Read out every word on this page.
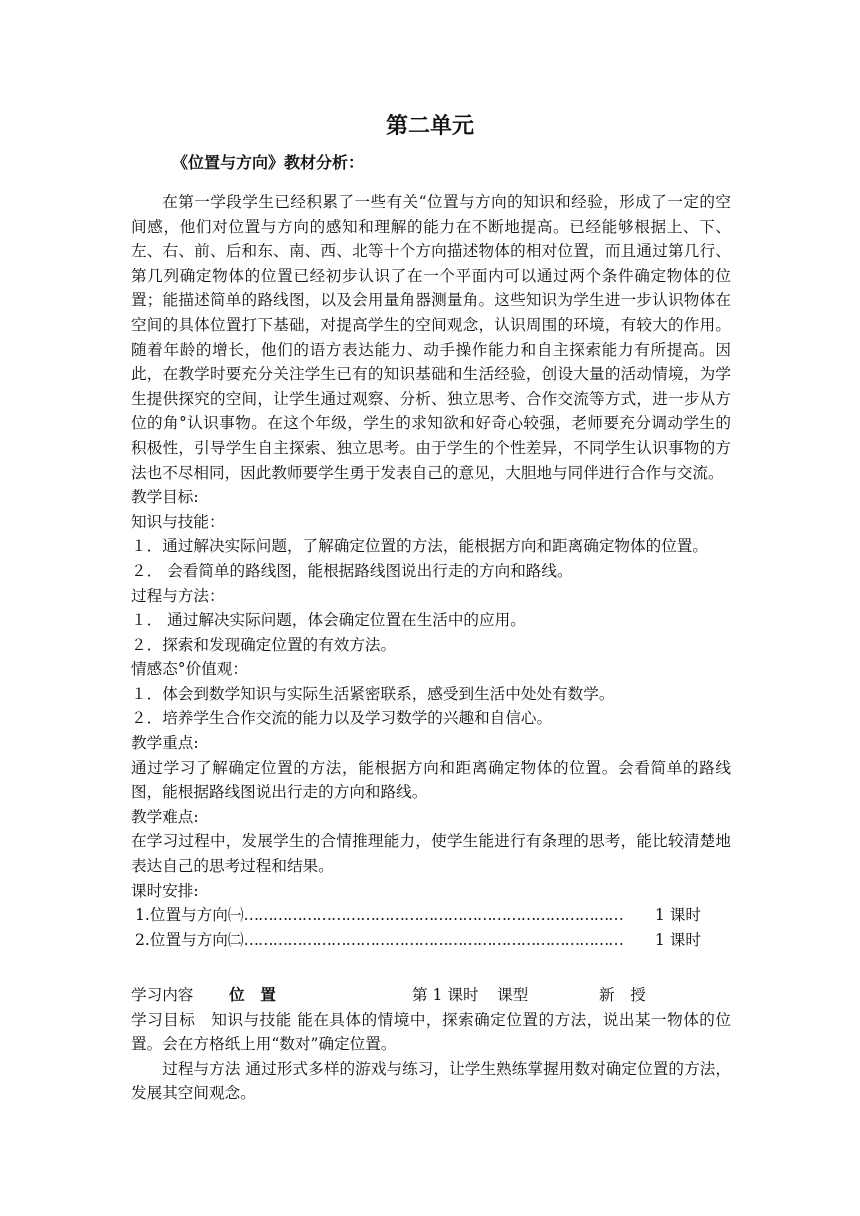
第二单元
《位置与方向》教材分析：

在第一学段学生已经积累了一些有关“位置与方向的知识和经验，形成了一定的空间感，他们对位置与方向的感知和理解的能力在不断地提高。已经能够根据上、下、左、右、前、后和东、南、西、北等十个方向描述物体的相对位置，而且通过第几行、第几列确定物体的位置已经初步认识了在一个平面内可以通过两个条件确定物体的位置；能描述简单的路线图，以及会用量角器测量角。这些知识为学生进一步认识物体在空间的具体位置打下基础，对提高学生的空间观念，认识周围的环境，有较大的作用。随着年龄的增长，他们的语方表达能力、动手操作能力和自主探索能力有所提高。因此，在教学时要充分关注学生已有的知识基础和生活经验，创设大量的活动情境，为学生提供探究的空间，让学生通过观察、分析、独立思考、合作交流等方式，进一步从方位的角°认识事物。在这个年级，学生的求知欲和好奇心较强，老师要充分调动学生的积极性，引导学生自主探索、独立思考。由于学生的个性差异，不同学生认识事物的方法也不尽相同，因此教师要学生勇于发表自己的意见，大胆地与同伴进行合作与交流。

教学目标:

知识与技能：

１．通过解决实际问题，了解确定位置的方法，能根据方向和距离确定物体的位置。

２． 会看简单的路线图，能根据路线图说出行走的方向和路线。

过程与方法：

１． 通过解决实际问题，体会确定位置在生活中的应用。

２．探索和发现确定位置的有效方法。

情感态°价值观：

１．体会到数学知识与实际生活紧密联系，感受到生活中处处有数学。

２．培养学生合作交流的能力以及学习数学的兴趣和自信心。

教学重点:

通过学习了解确定位置的方法，能根据方向和距离确定物体的位置。会看简单的路线图，能根据路线图说出行走的方向和路线。

教学难点:

在学习过程中，发展学生的合情推理能力，使学生能进行有条理的思考，能比较清楚地表达自己的思考过程和结果。

课时安排:

1.位置与方向㈠ ……………………………………………………………………	1 课时
2.位置与方向㈡ ……………………………………………………………………	1 课时
学习内容 位　置	第 1 课时 课型	新　授

学习目标　 知识与技能 能在具体的情境中，探索确定位置的方法，说出某一物体的位置。会在方格纸上用“数对”确定位置。

过程与方法 通过形式多样的游戏与练习，让学生熟练掌握用数对确定位置的方法，发展其空间观念。
